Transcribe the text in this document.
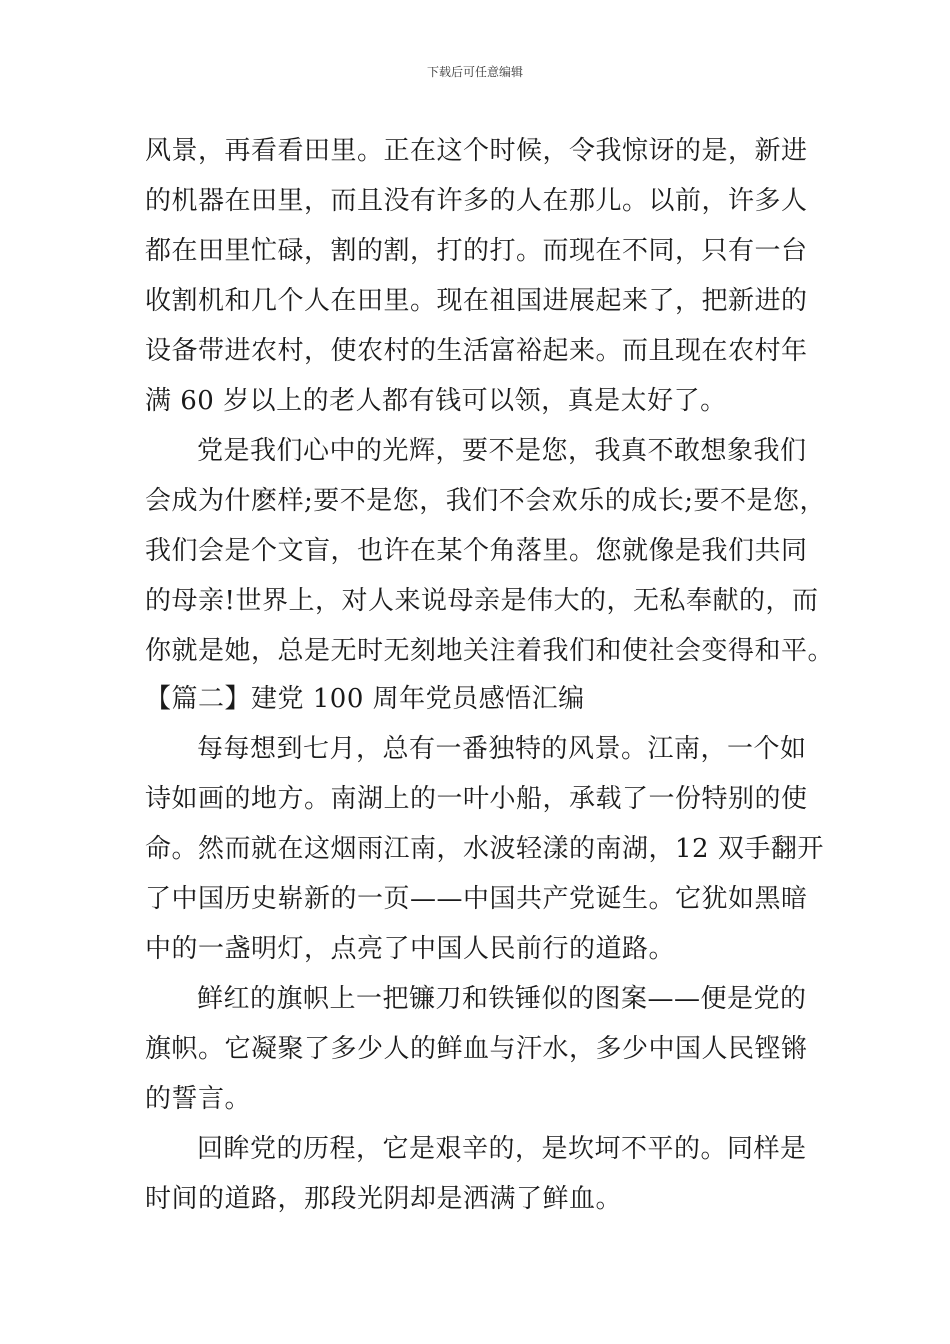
下载后可任意编辑
风景，再看看田里。正在这个时候，令我惊讶的是，新进
的机器在田里，而且没有许多的人在那儿。以前，许多人
都在田里忙碌，割的割，打的打。而现在不同，只有一台
收割机和几个人在田里。现在祖国进展起来了，把新进的
设备带进农村，使农村的生活富裕起来。而且现在农村年
满 60 岁以上的老人都有钱可以领，真是太好了。
党是我们心中的光辉，要不是您，我真不敢想象我们
会成为什麽样;要不是您，我们不会欢乐的成长;要不是您，
我们会是个文盲，也许在某个角落里。您就像是我们共同
的母亲!世界上，对人来说母亲是伟大的，无私奉献的，而
你就是她，总是无时无刻地关注着我们和使社会变得和平。
【篇二】建党 100 周年党员感悟汇编
每每想到七月，总有一番独特的风景。江南，一个如
诗如画的地方。南湖上的一叶小船，承载了一份特别的使
命。然而就在这烟雨江南，水波轻漾的南湖，12 双手翻开
了中国历史崭新的一页——中国共产党诞生。它犹如黑暗
中的一盏明灯，点亮了中国人民前行的道路。
鲜红的旗帜上一把镰刀和铁锤似的图案——便是党的
旗帜。它凝聚了多少人的鲜血与汗水，多少中国人民铿锵
的誓言。
回眸党的历程，它是艰辛的，是坎坷不平的。同样是
时间的道路，那段光阴却是洒满了鲜血。
